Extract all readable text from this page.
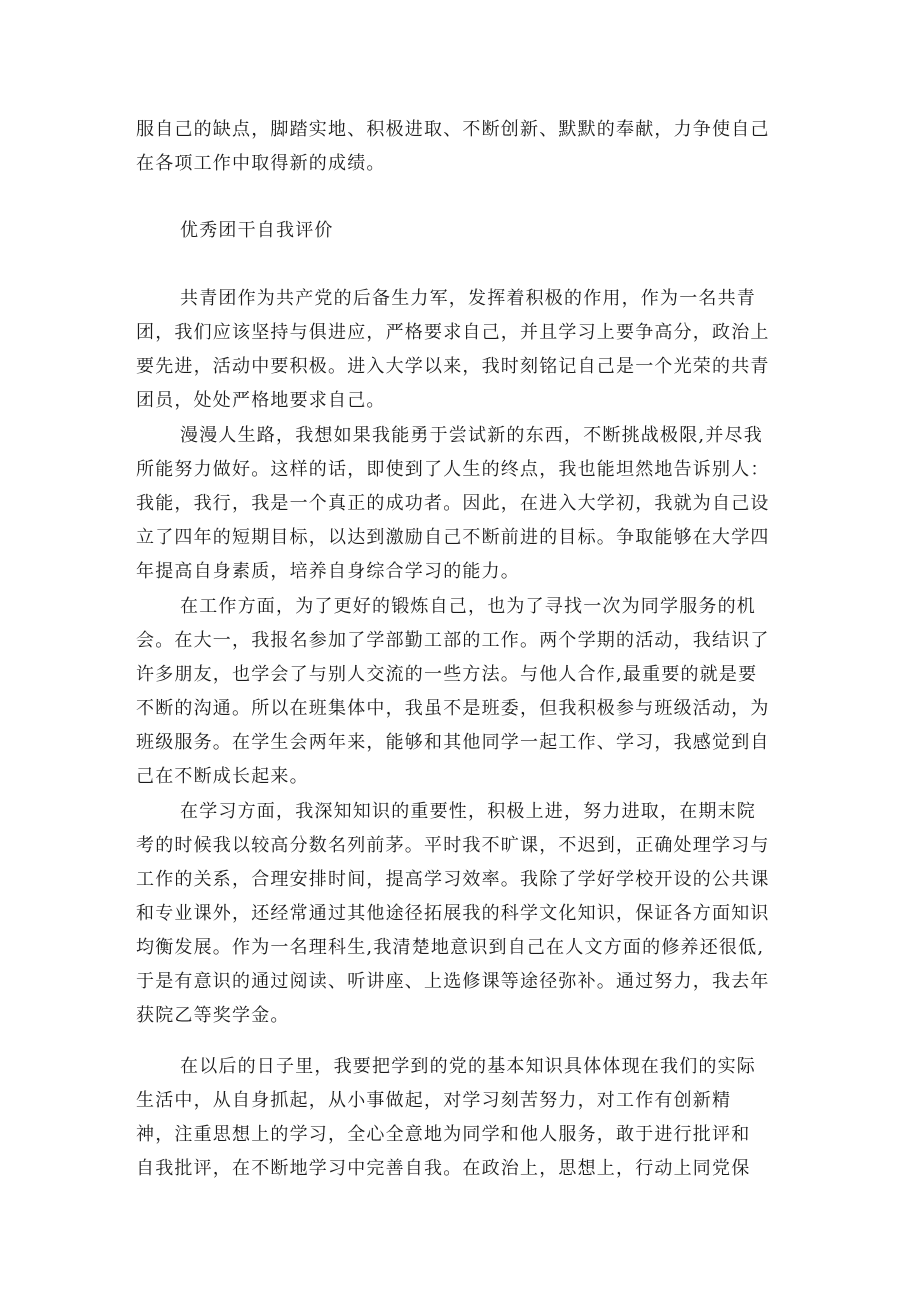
服自己的缺点，脚踏实地、积极进取、不断创新、默默的奉献，力争使自己
在各项工作中取得新的成绩。
优秀团干自我评价
共青团作为共产党的后备生力军，发挥着积极的作用，作为一名共青
团，我们应该坚持与俱进应，严格要求自己，并且学习上要争高分，政治上
要先进，活动中要积极。进入大学以来，我时刻铭记自己是一个光荣的共青
团员，处处严格地要求自己。
漫漫人生路，我想如果我能勇于尝试新的东西，不断挑战极限,并尽我
所能努力做好。这样的话，即使到了人生的终点，我也能坦然地告诉别人：
我能，我行，我是一个真正的成功者。因此，在进入大学初，我就为自己设
立了四年的短期目标，以达到激励自己不断前进的目标。争取能够在大学四
年提高自身素质，培养自身综合学习的能力。
在工作方面，为了更好的锻炼自己，也为了寻找一次为同学服务的机
会。在大一，我报名参加了学部勤工部的工作。两个学期的活动，我结识了
许多朋友，也学会了与别人交流的一些方法。与他人合作,最重要的就是要
不断的沟通。所以在班集体中，我虽不是班委，但我积极参与班级活动，为
班级服务。在学生会两年来，能够和其他同学一起工作、学习，我感觉到自
己在不断成长起来。
在学习方面，我深知知识的重要性，积极上进，努力进取，在期末院
考的时候我以较高分数名列前茅。平时我不旷课，不迟到，正确处理学习与
工作的关系，合理安排时间，提高学习效率。我除了学好学校开设的公共课
和专业课外，还经常通过其他途径拓展我的科学文化知识，保证各方面知识
均衡发展。作为一名理科生,我清楚地意识到自己在人文方面的修养还很低,
于是有意识的通过阅读、听讲座、上选修课等途径弥补。通过努力，我去年
获院乙等奖学金。
在以后的日子里，我要把学到的党的基本知识具体体现在我们的实际
生活中，从自身抓起，从小事做起，对学习刻苦努力，对工作有创新精
神，注重思想上的学习，全心全意地为同学和他人服务，敢于进行批评和
自我批评，在不断地学习中完善自我。在政治上，思想上，行动上同党保
